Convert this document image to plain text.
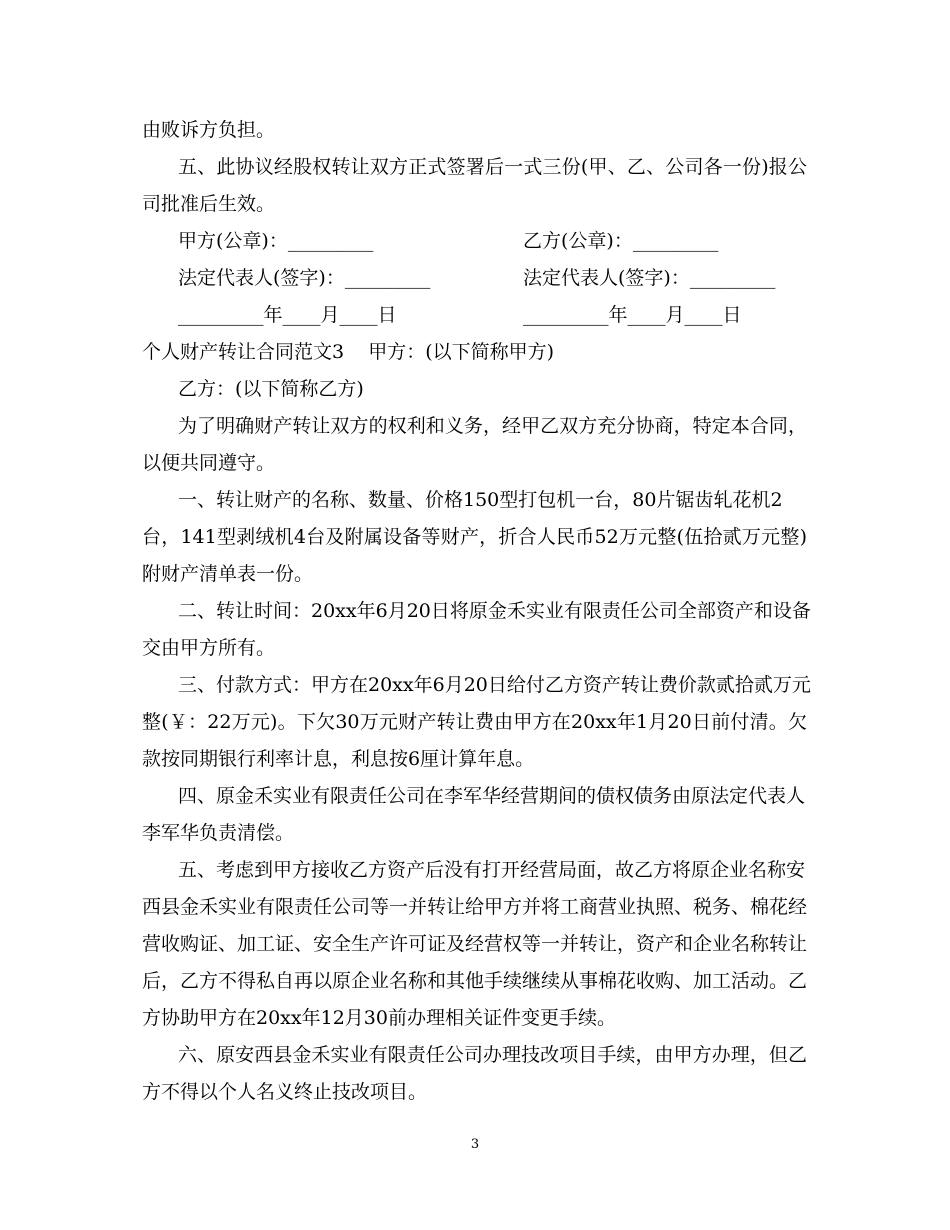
由败诉方负担。
五、此协议经股权转让双方正式签署后一式三份(甲、乙、公司各一份)报公
司批准后生效。
甲方(公章)：_________	乙方(公章)：_________
法定代表人(签字)：_________	法定代表人(签字)：_________
_________年____月____日	_________年____月____日
个人财产转让合同范文3    甲方：(以下简称甲方)
乙方：(以下简称乙方)
为了明确财产转让双方的权利和义务，经甲乙双方充分协商，特定本合同，
以便共同遵守。
一、转让财产的名称、数量、价格150型打包机一台，80片锯齿轧花机2
台，141型剥绒机4台及附属设备等财产，折合人民币52万元整(伍拾贰万元整)
附财产清单表一份。
二、转让时间：20xx年6月20日将原金禾实业有限责任公司全部资产和设备
交由甲方所有。
三、付款方式：甲方在20xx年6月20日给付乙方资产转让费价款贰拾贰万元
整(￥：22万元)。下欠30万元财产转让费由甲方在20xx年1月20日前付清。欠
款按同期银行利率计息，利息按6厘计算年息。
四、原金禾实业有限责任公司在李军华经营期间的债权债务由原法定代表人
李军华负责清偿。
五、考虑到甲方接收乙方资产后没有打开经营局面，故乙方将原企业名称安
西县金禾实业有限责任公司等一并转让给甲方并将工商营业执照、税务、棉花经
营收购证、加工证、安全生产许可证及经营权等一并转让，资产和企业名称转让
后，乙方不得私自再以原企业名称和其他手续继续从事棉花收购、加工活动。乙
方协助甲方在20xx年12月30前办理相关证件变更手续。
六、原安西县金禾实业有限责任公司办理技改项目手续，由甲方办理，但乙
方不得以个人名义终止技改项目。
3
